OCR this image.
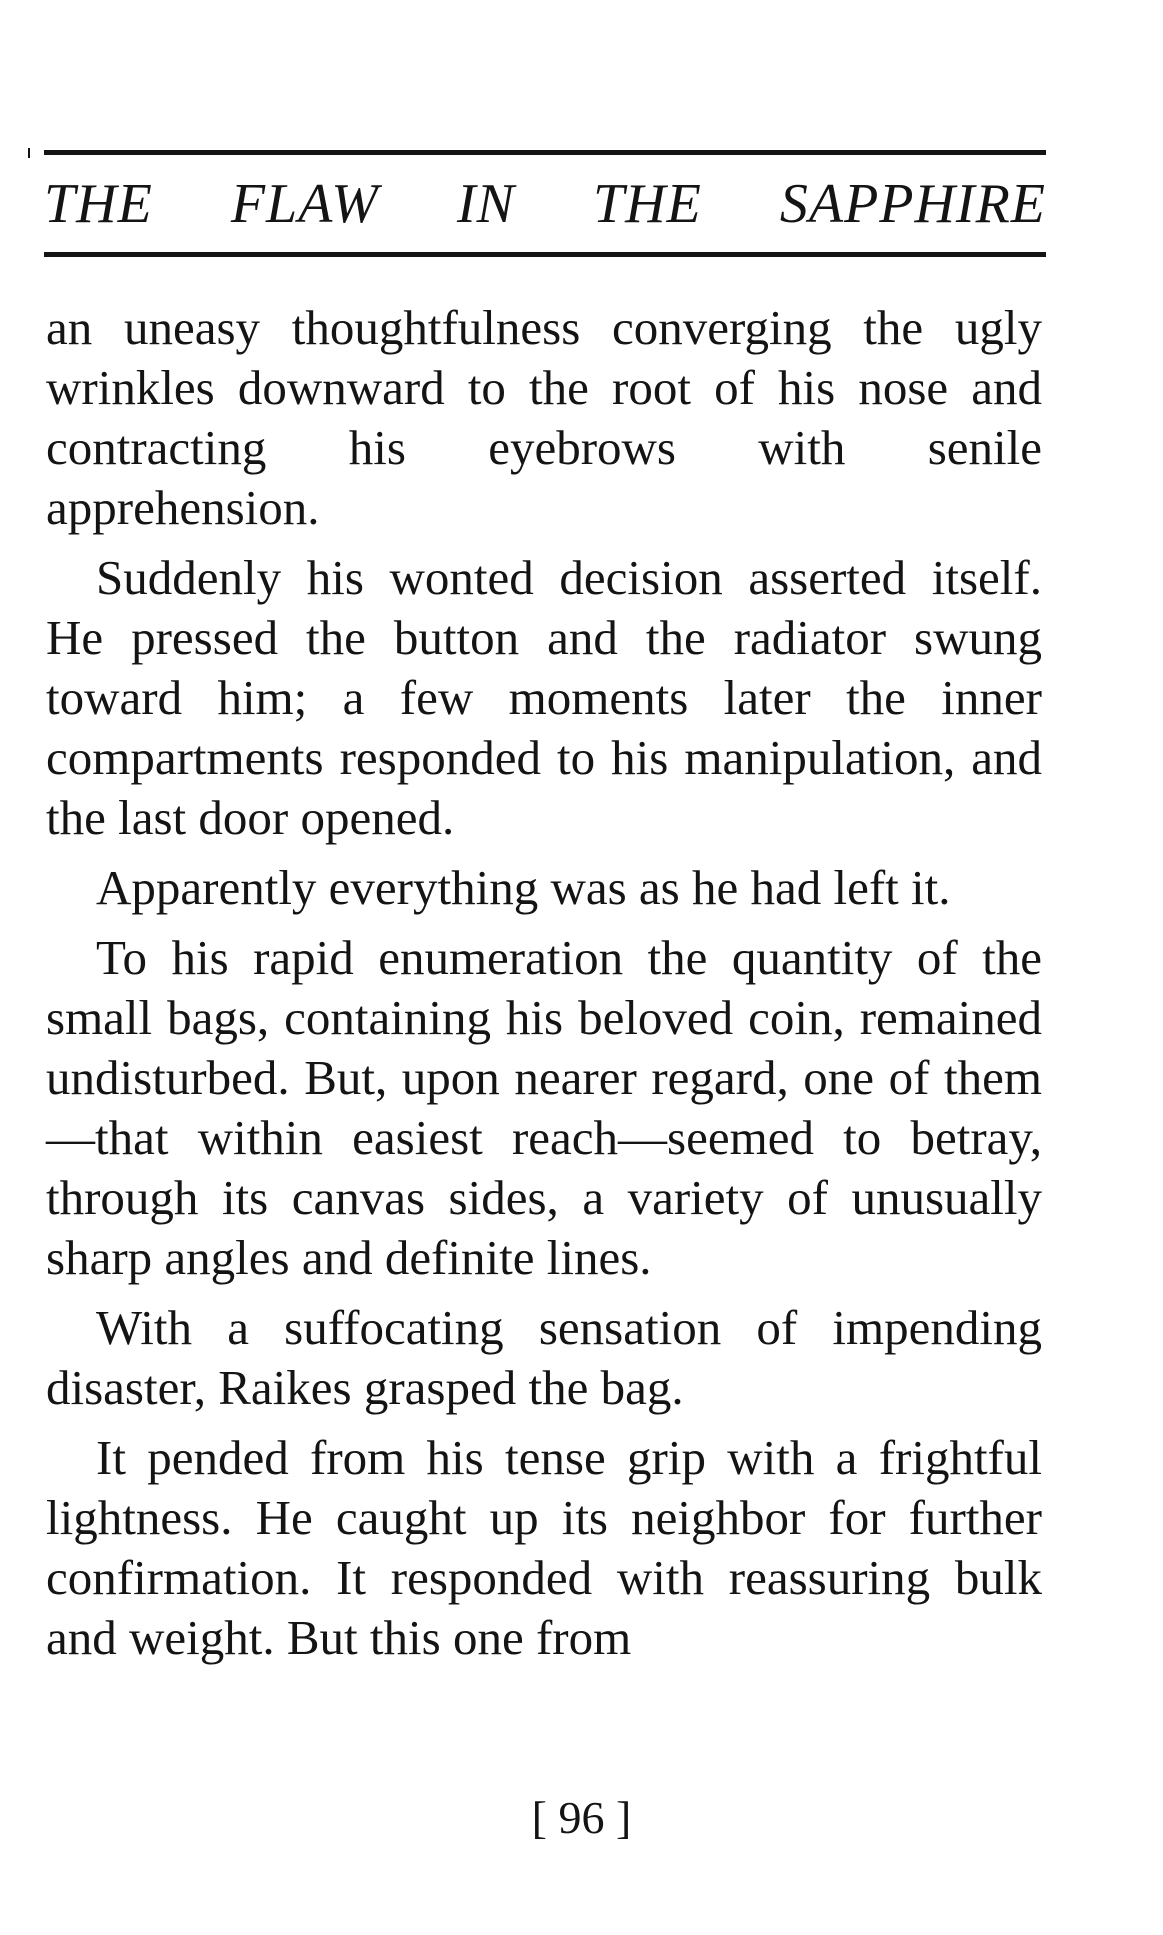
THE FLAW IN THE SAPPHIRE

an uneasy thoughtfulness converging the ugly wrinkles downward to the root of his nose and contracting his eyebrows with senile apprehension.

Suddenly his wonted decision asserted itself. He pressed the button and the radiator swung toward him; a few moments later the inner compartments responded to his manipulation, and the last door opened.

Apparently everything was as he had left it.

To his rapid enumeration the quantity of the small bags, containing his beloved coin, remained undisturbed. But, upon nearer regard, one of them—that within easiest reach—seemed to betray, through its canvas sides, a variety of unusually sharp angles and definite lines.

With a suffocating sensation of impending disaster, Raikes grasped the bag.

It pended from his tense grip with a frightful lightness. He caught up its neighbor for further confirmation. It responded with reassuring bulk and weight. But this one from

[ 96 ]
